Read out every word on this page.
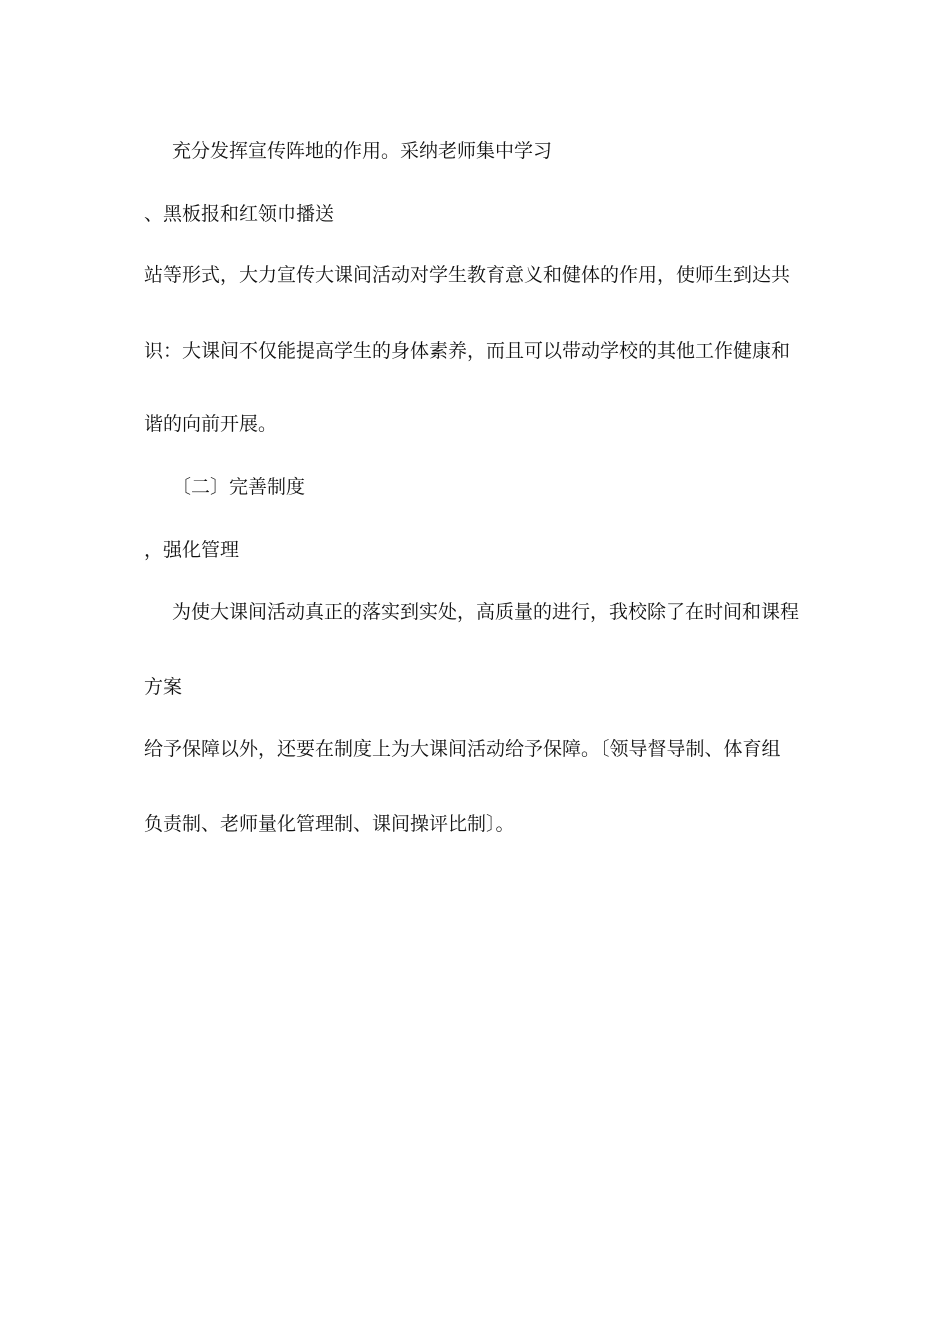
充分发挥宣传阵地的作用。采纳老师集中学习
、黑板报和红领巾播送
站等形式，大力宣传大课间活动对学生教育意义和健体的作用，使师生到达共
识：大课间不仅能提高学生的身体素养，而且可以带动学校的其他工作健康和
谐的向前开展。
〔二〕完善制度
，强化管理
为使大课间活动真正的落实到实处，高质量的进行，我校除了在时间和课程
方案
给予保障以外，还要在制度上为大课间活动给予保障。〔领导督导制、体育组
负责制、老师量化管理制、课间操评比制〕。
